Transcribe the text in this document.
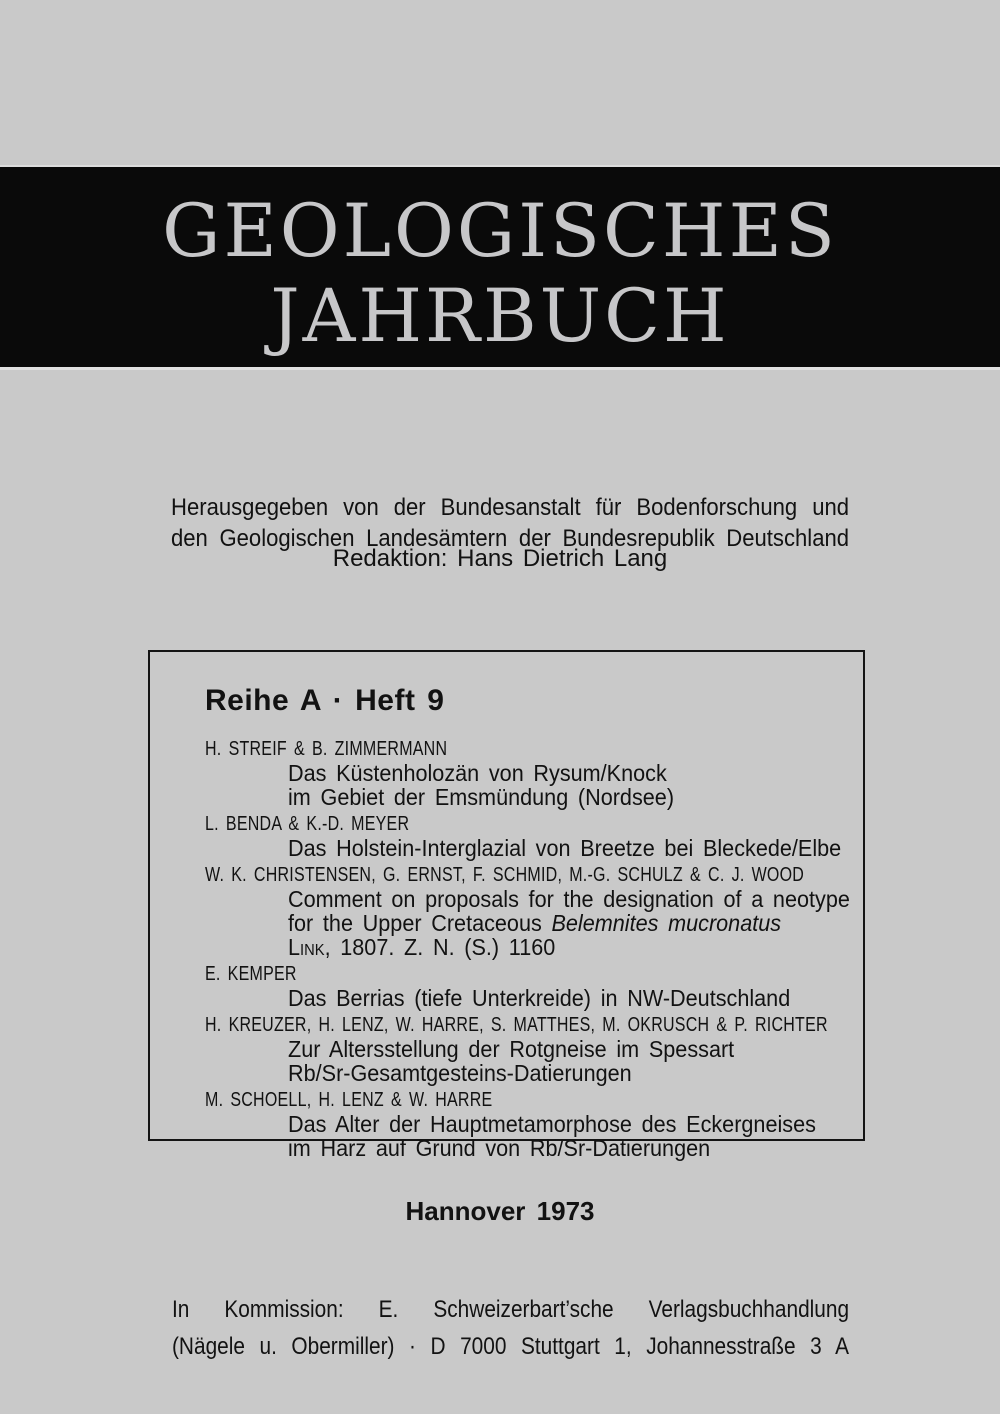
GEOLOGISCHES
JAHRBUCH
Herausgegeben von der Bundesanstalt für Bodenforschung und
den Geologischen Landesämtern der Bundesrepublik Deutschland
Redaktion: Hans Dietrich Lang
Reihe A · Heft 9
H. STREIF & B. ZIMMERMANN
Das Küstenholozän von Rysum/Knock
im Gebiet der Emsmündung (Nordsee)
L. BENDA & K.-D. MEYER
Das Holstein-Interglazial von Breetze bei Bleckede/Elbe
W. K. CHRISTENSEN, G. ERNST, F. SCHMID, M.-G. SCHULZ & C. J. WOOD
Comment on proposals for the designation of a neotype
for the Upper Cretaceous Belemnites mucronatus
Link, 1807. Z. N. (S.) 1160
E. KEMPER
Das Berrias (tiefe Unterkreide) in NW-Deutschland
H. KREUZER, H. LENZ, W. HARRE, S. MATTHES, M. OKRUSCH & P. RICHTER
Zur Altersstellung der Rotgneise im Spessart
Rb/Sr-Gesamtgesteins-Datierungen
M. SCHOELL, H. LENZ & W. HARRE
Das Alter der Hauptmetamorphose des Eckergneises
im Harz auf Grund von Rb/Sr-Datierungen
Hannover 1973
In Kommission: E. Schweizerbart’sche Verlagsbuchhandlung
(Nägele u. Obermiller) · D 7000 Stuttgart 1, Johannesstraße 3 A
